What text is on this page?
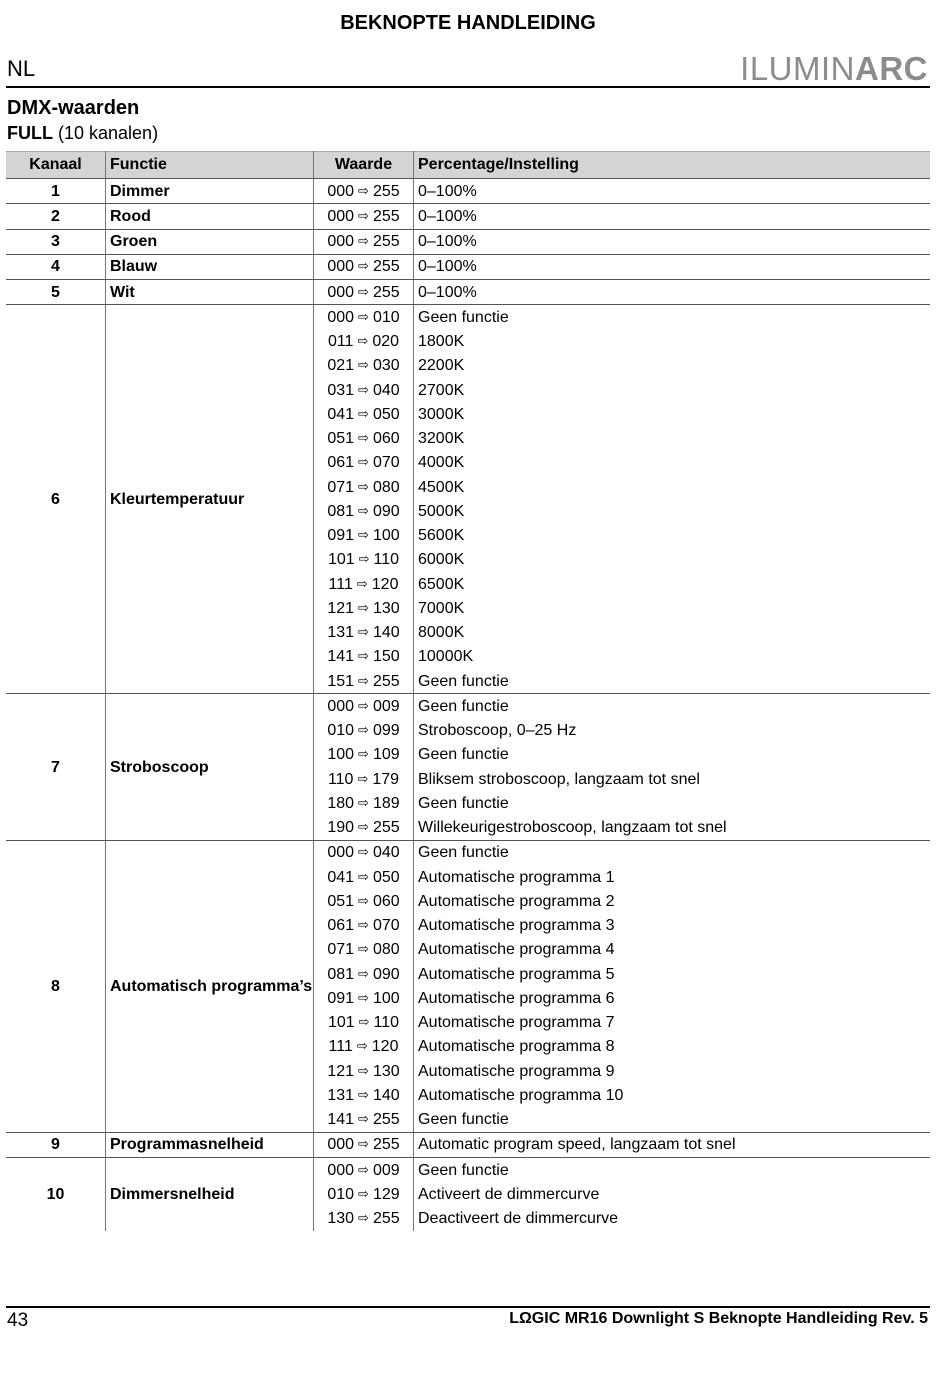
BEKNOPTE HANDLEIDING
NL	ILUMINARC
DMX-waarden
FULL (10 kanalen)
Kanaal	Functie	Waarde	Percentage/Instelling
1	Dimmer	000 ⇨ 255	0–100%
2	Rood	000 ⇨ 255	0–100%
3	Groen	000 ⇨ 255	0–100%
4	Blauw	000 ⇨ 255	0–100%
5	Wit	000 ⇨ 255	0–100%
6	Kleurtemperatuur	000 ⇨ 010	Geen functie
		011 ⇨ 020	1800K
		021 ⇨ 030	2200K
		031 ⇨ 040	2700K
		041 ⇨ 050	3000K
		051 ⇨ 060	3200K
		061 ⇨ 070	4000K
		071 ⇨ 080	4500K
		081 ⇨ 090	5000K
		091 ⇨ 100	5600K
		101 ⇨ 110	6000K
		111 ⇨ 120	6500K
		121 ⇨ 130	7000K
		131 ⇨ 140	8000K
		141 ⇨ 150	10000K
		151 ⇨ 255	Geen functie
7	Stroboscoop	000 ⇨ 009	Geen functie
		010 ⇨ 099	Stroboscoop, 0–25 Hz
		100 ⇨ 109	Geen functie
		110 ⇨ 179	Bliksem stroboscoop, langzaam tot snel
		180 ⇨ 189	Geen functie
		190 ⇨ 255	Willekeurigestroboscoop, langzaam tot snel
8	Automatisch programma’s	000 ⇨ 040	Geen functie
		041 ⇨ 050	Automatische programma 1
		051 ⇨ 060	Automatische programma 2
		061 ⇨ 070	Automatische programma 3
		071 ⇨ 080	Automatische programma 4
		081 ⇨ 090	Automatische programma 5
		091 ⇨ 100	Automatische programma 6
		101 ⇨ 110	Automatische programma 7
		111 ⇨ 120	Automatische programma 8
		121 ⇨ 130	Automatische programma 9
		131 ⇨ 140	Automatische programma 10
		141 ⇨ 255	Geen functie
9	Programmasnelheid	000 ⇨ 255	Automatic program speed, langzaam tot snel
10	Dimmersnelheid	000 ⇨ 009	Geen functie
		010 ⇨ 129	Activeert de dimmercurve
		130 ⇨ 255	Deactiveert de dimmercurve
43	LΩGIC MR16 Downlight S Beknopte Handleiding Rev. 5
